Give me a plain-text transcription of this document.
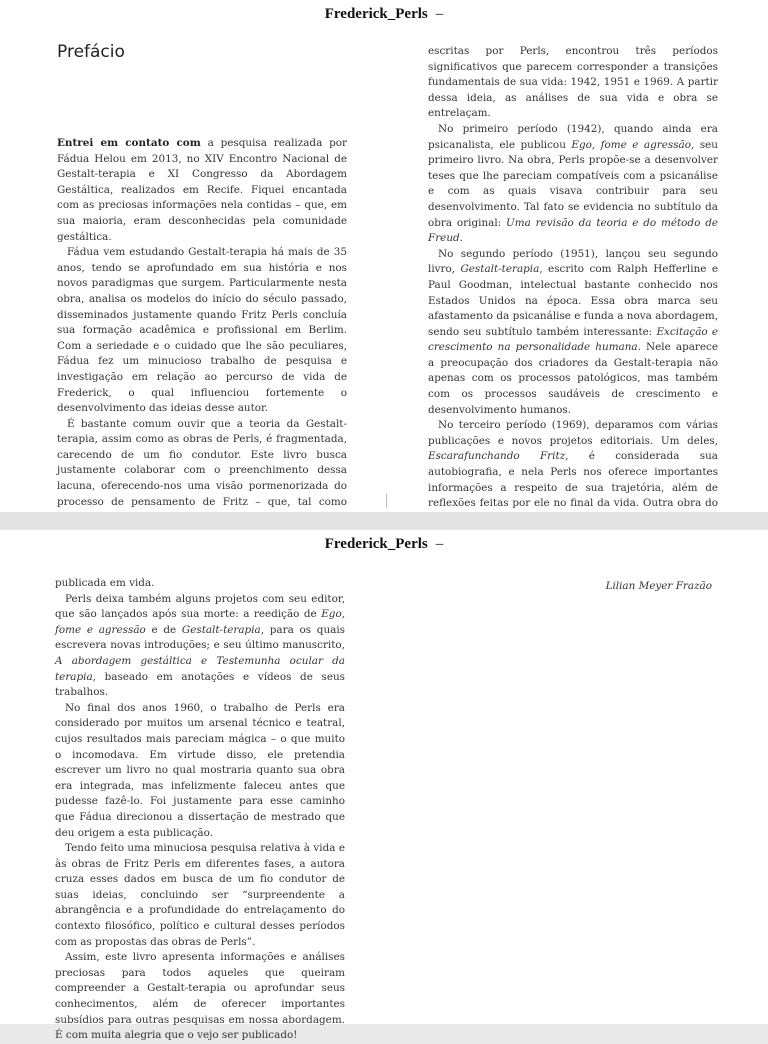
Frederick_Perls –
Prefácio

Entrei em contato com a pesquisa realizada por Fádua Helou em 2013, no XIV Encontro Nacional de Gestalt-terapia e XI Congresso da Abordagem Gestáltica, realizados em Recife. Fiquei encantada com as preciosas informações nela contidas – que, em sua maioria, eram desconhecidas pela comunidade gestáltica.

Fádua vem estudando Gestalt-terapia há mais de 35 anos, tendo se aprofundado em sua história e nos novos paradigmas que surgem. Particularmente nesta obra, analisa os modelos do início do século passado, disseminados justamente quando Fritz Perls concluía sua formação acadêmica e profissional em Berlim. Com a seriedade e o cuidado que lhe são peculiares, Fádua fez um minucioso trabalho de pesquisa e investigação em relação ao percurso de vida de Frederick, o qual influenciou fortemente o desenvolvimento das ideias desse autor.

É bastante comum ouvir que a teoria da Gestalt-terapia, assim como as obras de Perls, é fragmentada, carecendo de um fio condutor. Este livro busca justamente colaborar com o preenchimento dessa lacuna, oferecendo-nos uma visão pormenorizada do processo de pensamento de Fritz – que, tal como

escritas por Perls, encontrou três períodos significativos que parecem corresponder a transições fundamentais de sua vida: 1942, 1951 e 1969. A partir dessa ideia, as análises de sua vida e obra se entrelaçam.

No primeiro período (1942), quando ainda era psicanalista, ele publicou Ego, fome e agressão, seu primeiro livro. Na obra, Perls propõe-se a desenvolver teses que lhe pareciam compatíveis com a psicanálise e com as quais visava contribuir para seu desenvolvimento. Tal fato se evidencia no subtítulo da obra original: Uma revisão da teoria e do método de Freud.

No segundo período (1951), lançou seu segundo livro, Gestalt-terapia, escrito com Ralph Hefferline e Paul Goodman, intelectual bastante conhecido nos Estados Unidos na época. Essa obra marca seu afastamento da psicanálise e funda a nova abordagem, sendo seu subtítulo também interessante: Excitação e crescimento na personalidade humana. Nele aparece a preocupação dos criadores da Gestalt-terapia não apenas com os processos patológicos, mas também com os processos saudáveis de crescimento e desenvolvimento humanos.

No terceiro período (1969), deparamos com várias publicações e novos projetos editoriais. Um deles, Escarafunchando Fritz, é considerada sua autobiografia, e nela Perls nos oferece importantes informações a respeito de sua trajetória, além de reflexões feitas por ele no final da vida. Outra obra do

Frederick_Perls –
Lilian Meyer Frazão

publicada em vida.

Perls deixa também alguns projetos com seu editor, que são lançados após sua morte: a reedição de Ego, fome e agressão e de Gestalt-terapia, para os quais escrevera novas introduções; e seu último manuscrito, A abordagem gestáltica e Testemunha ocular da terapia, baseado em anotações e vídeos de seus trabalhos.

No final dos anos 1960, o trabalho de Perls era considerado por muitos um arsenal técnico e teatral, cujos resultados mais pareciam mágica – o que muito o incomodava. Em virtude disso, ele pretendia escrever um livro no qual mostraria quanto sua obra era integrada, mas infelizmente faleceu antes que pudesse fazê-lo. Foi justamente para esse caminho que Fádua direcionou a dissertação de mestrado que deu origem a esta publicação.

Tendo feito uma minuciosa pesquisa relativa à vida e às obras de Fritz Perls em diferentes fases, a autora cruza esses dados em busca de um fio condutor de suas ideias, concluindo ser “surpreendente a abrangência e a profundidade do entrelaçamento do contexto filosófico, político e cultural desses períodos com as propostas das obras de Perls”.

Assim, este livro apresenta informações e análises preciosas para todos aqueles que queiram compreender a Gestalt-terapia ou aprofundar seus conhecimentos, além de oferecer importantes subsídios para outras pesquisas em nossa abordagem. É com muita alegria que o vejo ser publicado!
